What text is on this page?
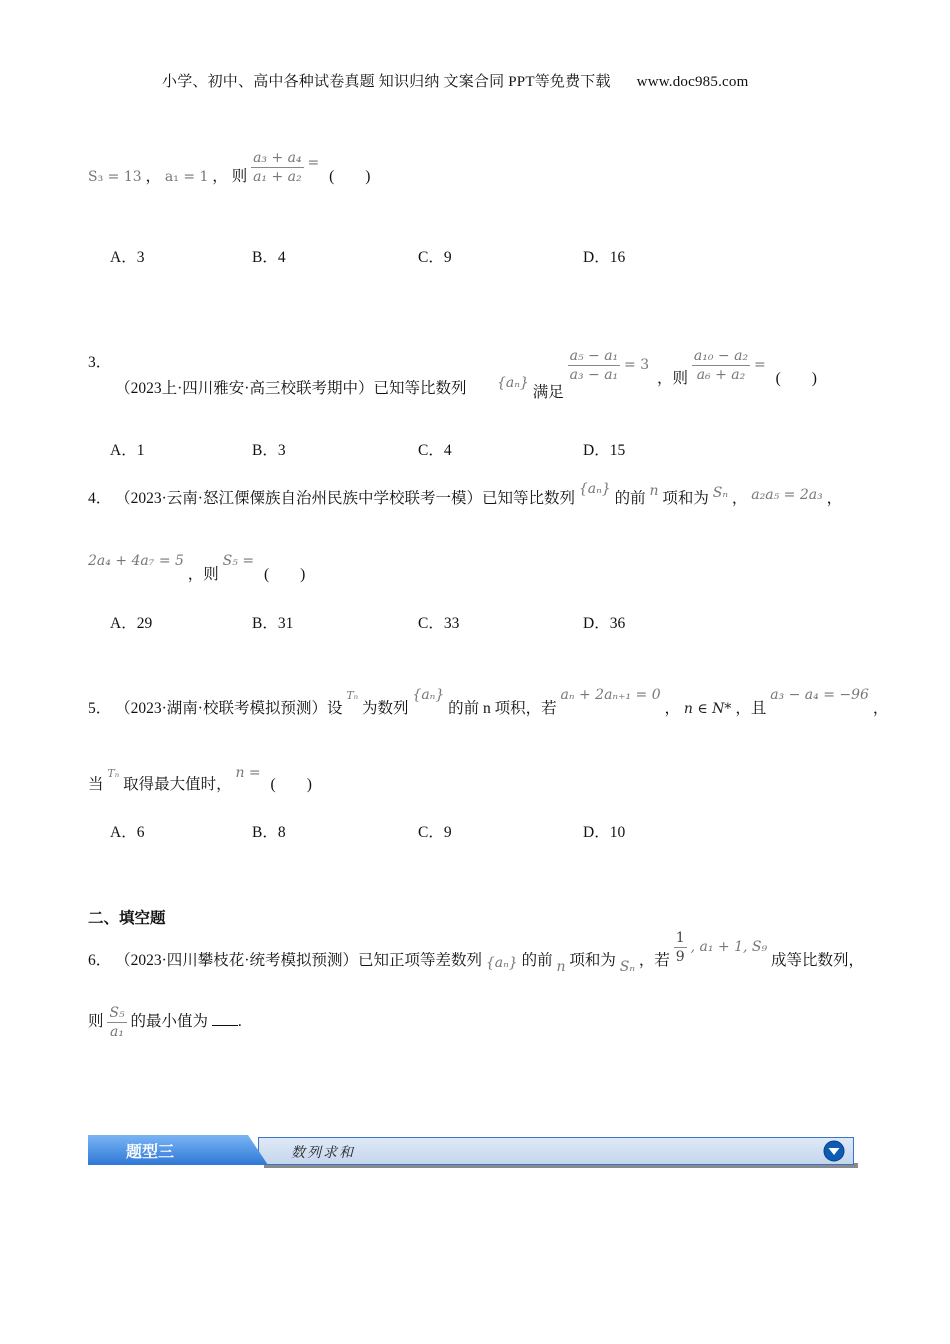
小学、初中、高中各种试卷真题 知识归纳 文案合同 PPT等免费下载 www.doc985.com
S₃ = 13 ， a₁ = 1 ， 则 $\frac{\text{a₃ + a₄}}{\text{a₁ + a₂}}$ = (　　)
A．3	B．4	C．9	D．16
3． （2023上·四川雅安·高三校联考期中）已知等比数列 {aₙ} 满足
$\frac{\text{a₅ − a₁}}{\text{a₃ − a₁}} = 3$ ，则 $\frac{\text{a₁₀ − a₂}}{\text{a₆ + a₂}}$ = (　　)
A．1	B．3	C．4	D．15
4． （2023·云南·怒江傈僳族自治州民族中学校联考一模）已知等比数列 {aₙ} 的前 n 项和为 Sₙ ， a₂a₅ = 2a₃ ，
2a₄ + 4a₇ = 5 ，则 S₅ = (　　)
A．29	B．31	C．33	D．36
5． （2023·湖南·校联考模拟预测）设 Tₙ 为数列 {aₙ} 的前 n 项积，若 aₙ + 2aₙ₊₁ = 0 ， n ∈ N* ，且 a₃ − a₄ = −96 ，
当 Tₙ 取得最大值时， n = (　　)
A．6	B．8	C．9	D．10
二、填空题
6． （2023·四川攀枝花·统考模拟预测）已知正项等差数列 {aₙ} 的前 n 项和为 Sₙ ，若 $\frac{1}{9}$ , a₁ + 1, S₉ 成等比数列，
则 $\frac{\text{S₅}}{\text{a₁}}$ 的最小值为 .
数列求和
题型三
